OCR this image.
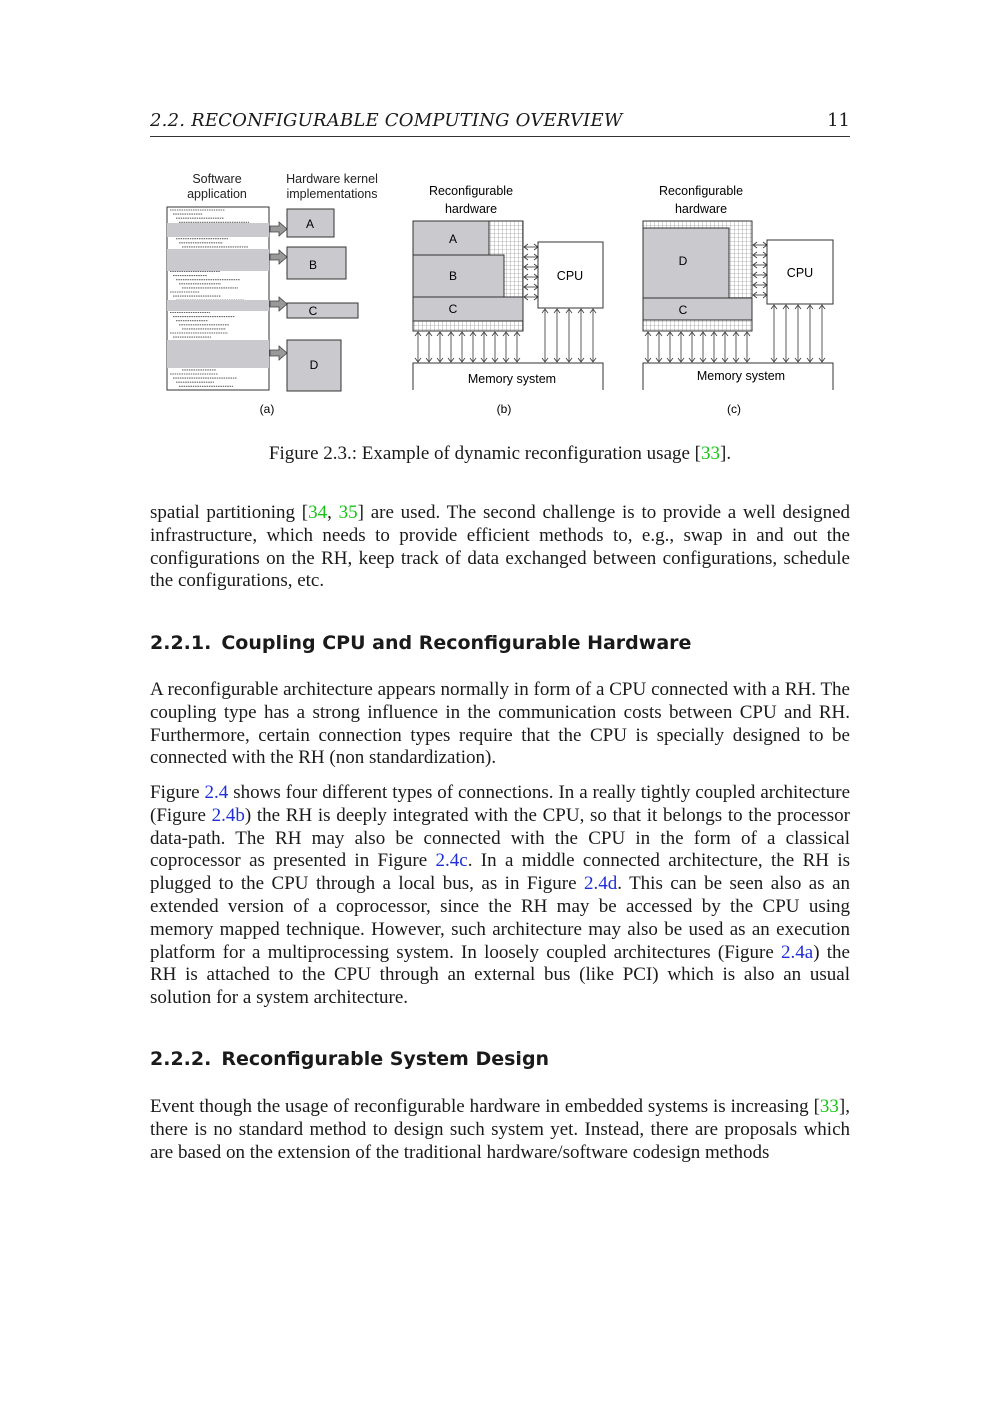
2.2. RECONFIGURABLE COMPUTING OVERVIEW	11
Software
application
Hardware kernel
implementations
A
B
C
D
(a)
Reconfigurable
hardware
A
B
C
CPU
Memory system
(b)
Reconfigurable
hardware
D
C
CPU
Memory system
(c)
Figure 2.3.: Example of dynamic reconfiguration usage [33].

spatial partitioning [34, 35] are used. The second challenge is to provide a well designed infrastructure, which needs to provide efficient methods to, e.g., swap in and out the configurations on the RH, keep track of data exchanged between configurations, schedule the configurations, etc.

2.2.1. Coupling CPU and Reconfigurable Hardware

A reconfigurable architecture appears normally in form of a CPU connected with a RH. The coupling type has a strong influence in the communication costs between CPU and RH. Furthermore, certain connection types require that the CPU is specially designed to be connected with the RH (non standardization).

Figure 2.4 shows four different types of connections. In a really tightly coupled architecture (Figure 2.4b) the RH is deeply integrated with the CPU, so that it belongs to the processor data-path. The RH may also be connected with the CPU in the form of a classical coprocessor as presented in Figure 2.4c. In a middle connected architecture, the RH is plugged to the CPU through a local bus, as in Figure 2.4d. This can be seen also as an extended version of a coprocessor, since the RH may be accessed by the CPU using memory mapped technique. However, such architecture may also be used as an execution platform for a multiprocessing system. In loosely coupled architectures (Figure 2.4a) the RH is attached to the CPU through an external bus (like PCI) which is also an usual solution for a system architecture.

2.2.2. Reconfigurable System Design

Event though the usage of reconfigurable hardware in embedded systems is increasing [33], there is no standard method to design such system yet. Instead, there are proposals which are based on the extension of the traditional hardware/software codesign methods
